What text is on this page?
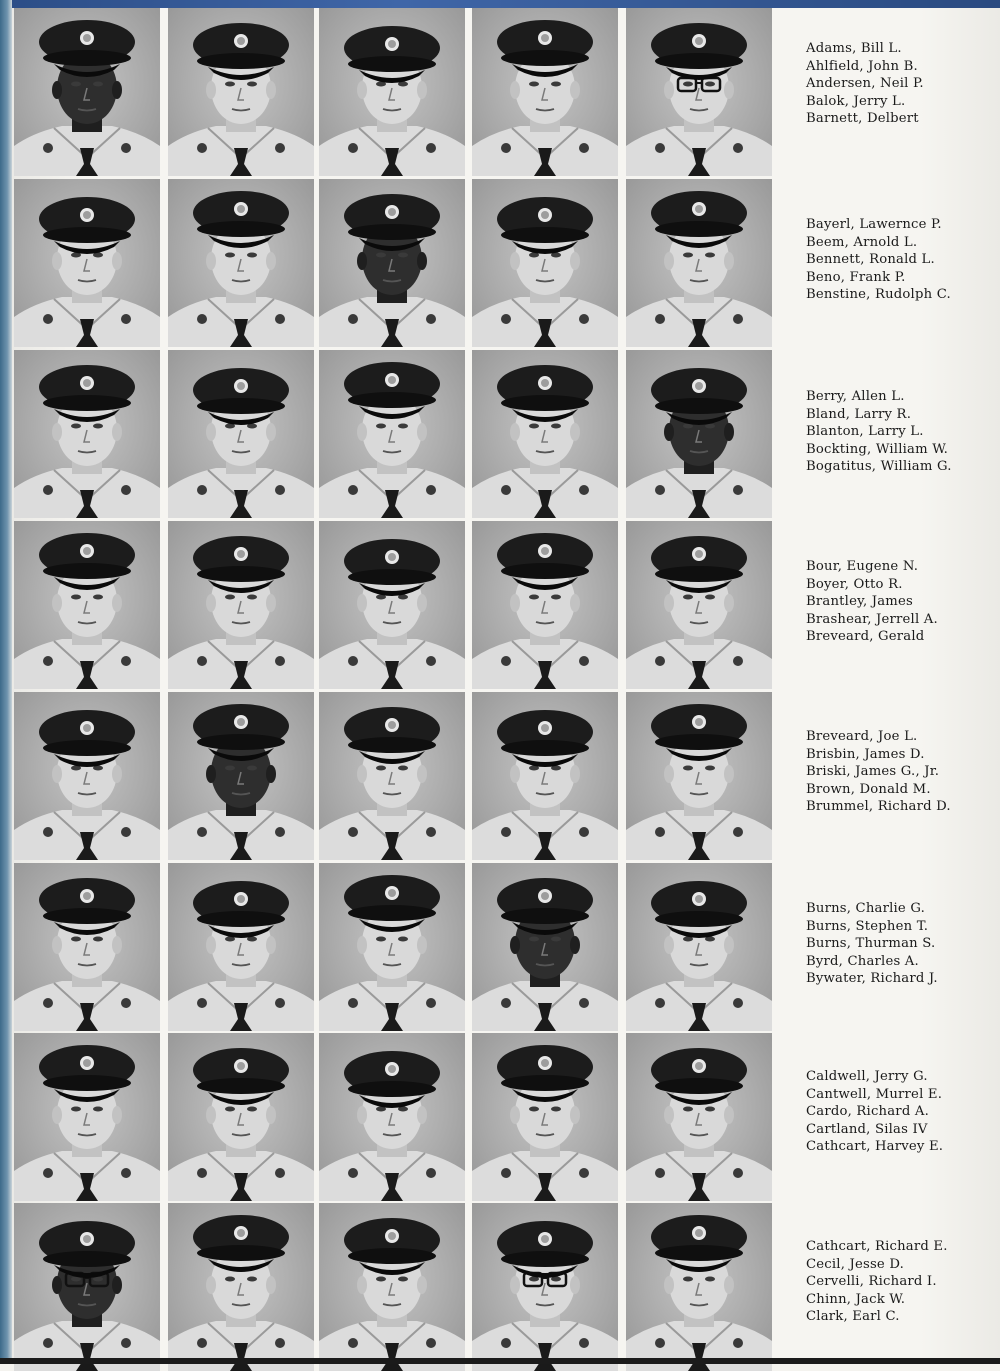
Adams, Bill L.
Ahlfield, John B.
Andersen, Neil P.
Balok, Jerry L.
Barnett, Delbert
Bayerl, Lawernce P.
Beem, Arnold L.
Bennett, Ronald L.
Beno, Frank P.
Benstine, Rudolph C.
Berry, Allen L.
Bland, Larry R.
Blanton, Larry L.
Bockting, William W.
Bogatitus, William G.
Bour, Eugene N.
Boyer, Otto R.
Brantley, James
Brashear, Jerrell A.
Breveard, Gerald
Breveard, Joe L.
Brisbin, James D.
Briski, James G., Jr.
Brown, Donald M.
Brummel, Richard D.
Burns, Charlie G.
Burns, Stephen T.
Burns, Thurman S.
Byrd, Charles A.
Bywater, Richard J.
Caldwell, Jerry G.
Cantwell, Murrel E.
Cardo, Richard A.
Cartland, Silas IV
Cathcart, Harvey E.
Cathcart, Richard E.
Cecil, Jesse D.
Cervelli, Richard I.
Chinn, Jack W.
Clark, Earl C.
